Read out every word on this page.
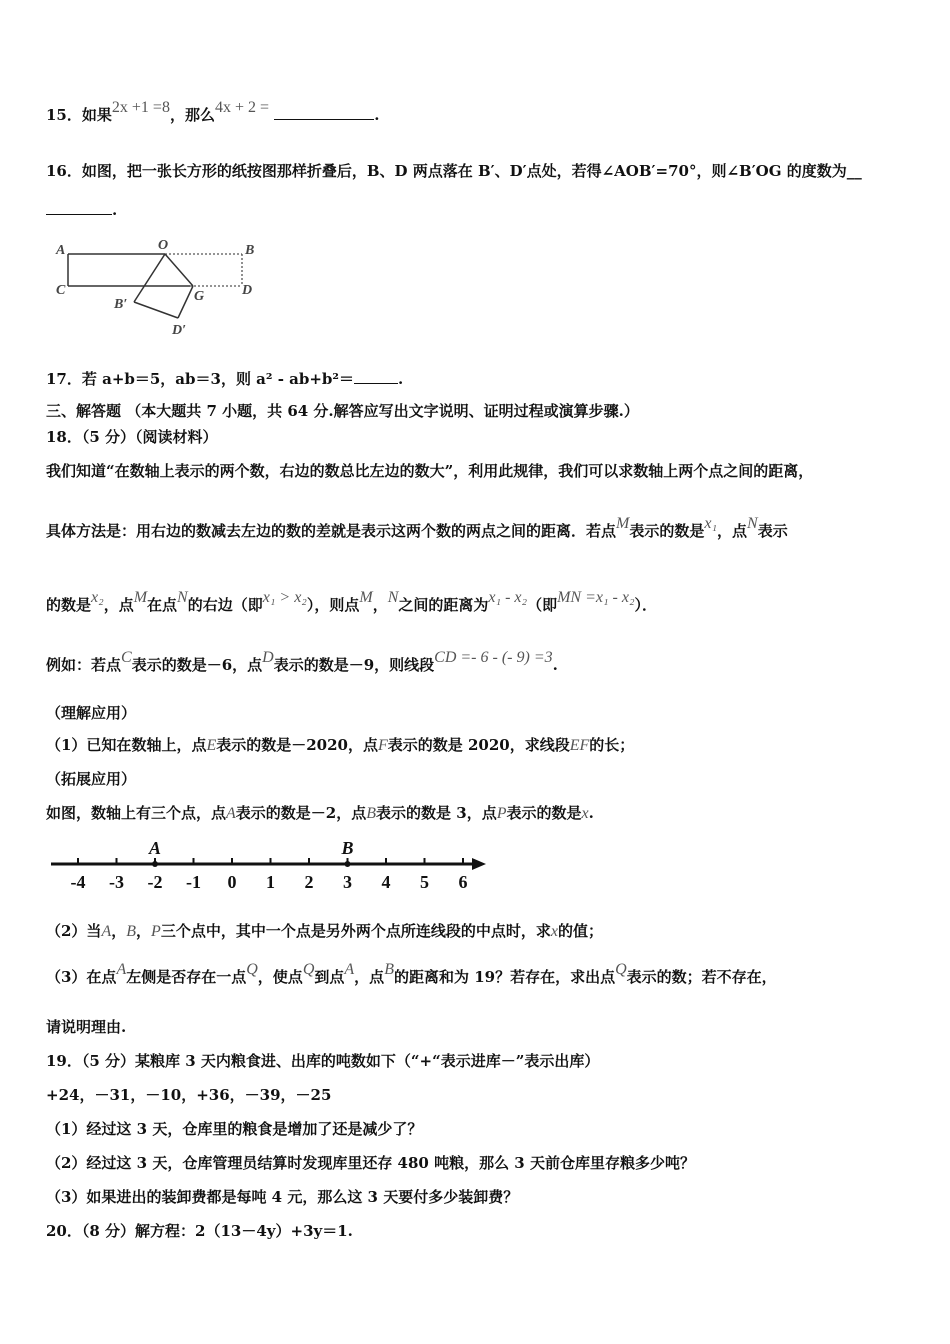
15．如果2x +1 =8，那么4x + 2 =	.
16．如图，把一张长方形的纸按图那样折叠后，B、D 两点落在 B′、D′点处，若得∠AOB′=70°，则∠B′OG 的度数为__
.
A	O	B
C	G	D
B′
D′
17．若 a+b＝5，ab＝3，则 a² - ab+b²＝	.
三、解答题 （本大题共 7 小题，共 64 分.解答应写出文字说明、证明过程或演算步骤.）
18．（5 分）（阅读材料）
我们知道“在数轴上表示的两个数，右边的数总比左边的数大”，利用此规律，我们可以求数轴上两个点之间的距离，
具体方法是：用右边的数减去左边的数的差就是表示这两个数的两点之间的距离．若点M表示的数是x₁，点N表示
的数是x₂，点M在点N的右边（即x₁ > x₂），则点M，N之间的距离为x₁ - x₂（即MN =x₁ - x₂）．
例如：若点C表示的数是－6，点D表示的数是－9，则线段CD =- 6 - (- 9) =3.
（理解应用）
（1）已知在数轴上，点E表示的数是－2020，点F表示的数是 2020，求线段EF的长；
（拓展应用）
如图，数轴上有三个点，点A表示的数是－2，点B表示的数是 3，点P表示的数是x.
-4 -3 -2 -1 0 1 2 3 4 5 6
A	B
（2）当A，B，P三个点中，其中一个点是另外两个点所连线段的中点时，求x的值；
（3）在点A左侧是否存在一点Q，使点Q到点A，点B的距离和为 19？若存在，求出点Q表示的数；若不存在，
请说明理由.
19．（5 分）某粮库 3 天内粮食进、出库的吨数如下（“+“表示进库－”表示出库）
+24，－31，－10，+36，－39，－25
（1）经过这 3 天，仓库里的粮食是增加了还是减少了？
（2）经过这 3 天，仓库管理员结算时发现库里还存 480 吨粮，那么 3 天前仓库里存粮多少吨？
（3）如果进出的装卸费都是每吨 4 元，那么这 3 天要付多少装卸费？
20．（8 分）解方程：2（13－4y）+3y＝1.
